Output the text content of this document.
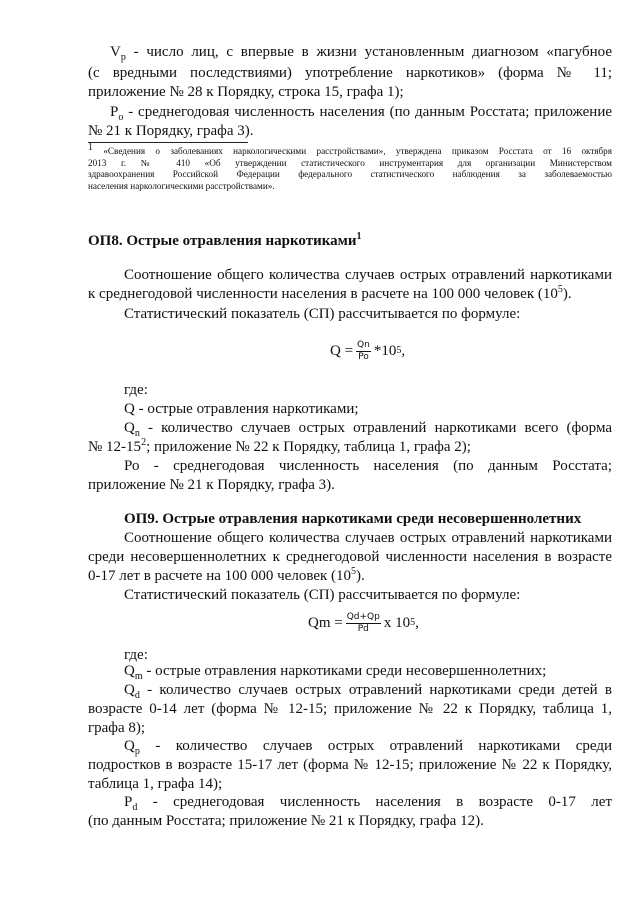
$V_р$ - число лиц, с впервые в жизни установленным диагнозом «пагубное
(с вредными последствиями) употребление наркотиков» (форма № 11;
приложение № 28 к Порядку, строка 15, графа 1);
$Р_о$ - среднегодовая численность населения (по данным Росстата; приложение
№ 21 к Порядку, графа 3).
$^1$ «Сведения о заболеваниях наркологическими расстройствами», утверждена приказом Росстата от 16 октября
2013 г. № 410 «Об утверждении статистического инструментария для организации Министерством
здравоохранения Российской Федерации федерального статистического наблюдения за заболеваемостью
населения наркологическими расстройствами».
ОП8. Острые отравления наркотиками$^1$
Соотношение общего количества случаев острых отравлений наркотиками
к среднегодовой численности населения в расчете на 100 000 человек $(10^5)$.
Статистический показатель (СП) рассчитывается по формуле:
$Q = \frac{Qn}{Po} *10$ 5 ,
где:
Q - острые отравления наркотиками;
$Q_n$ - количество случаев острых отравлений наркотиками всего (форма
№ $12-15^2$; приложение № 22 к Порядку, таблица 1, графа 2);
Ро - среднегодовая численность населения (по данным Росстата;
приложение № 21 к Порядку, графа 3).
ОП9. Острые отравления наркотиками среди несовершеннолетних
Соотношение общего количества случаев острых отравлений наркотиками
среди несовершеннолетних к среднегодовой численности населения в возрасте
0-17 лет в расчете на 100 000 человек $(10^5)$.
Статистический показатель (СП) рассчитывается по формуле:
$Qm = \frac{Qd+Qp}{Pd}$ x 10 5 ,
где:
$Q_m$ - острые отравления наркотиками среди несовершеннолетних;
$Q_d$ - количество случаев острых отравлений наркотиками среди детей в
возрасте 0-14 лет (форма № 12-15; приложение № 22 к Порядку, таблица 1,
графа 8);
$Q_p$ - количество случаев острых отравлений наркотиками среди
подростков в возрасте 15-17 лет (форма № 12-15; приложение № 22 к Порядку,
таблица 1, графа 14);
$P_d$ - среднегодовая численность населения в возрасте 0-17 лет
(по данным Росстата; приложение № 21 к Порядку, графа 12).
